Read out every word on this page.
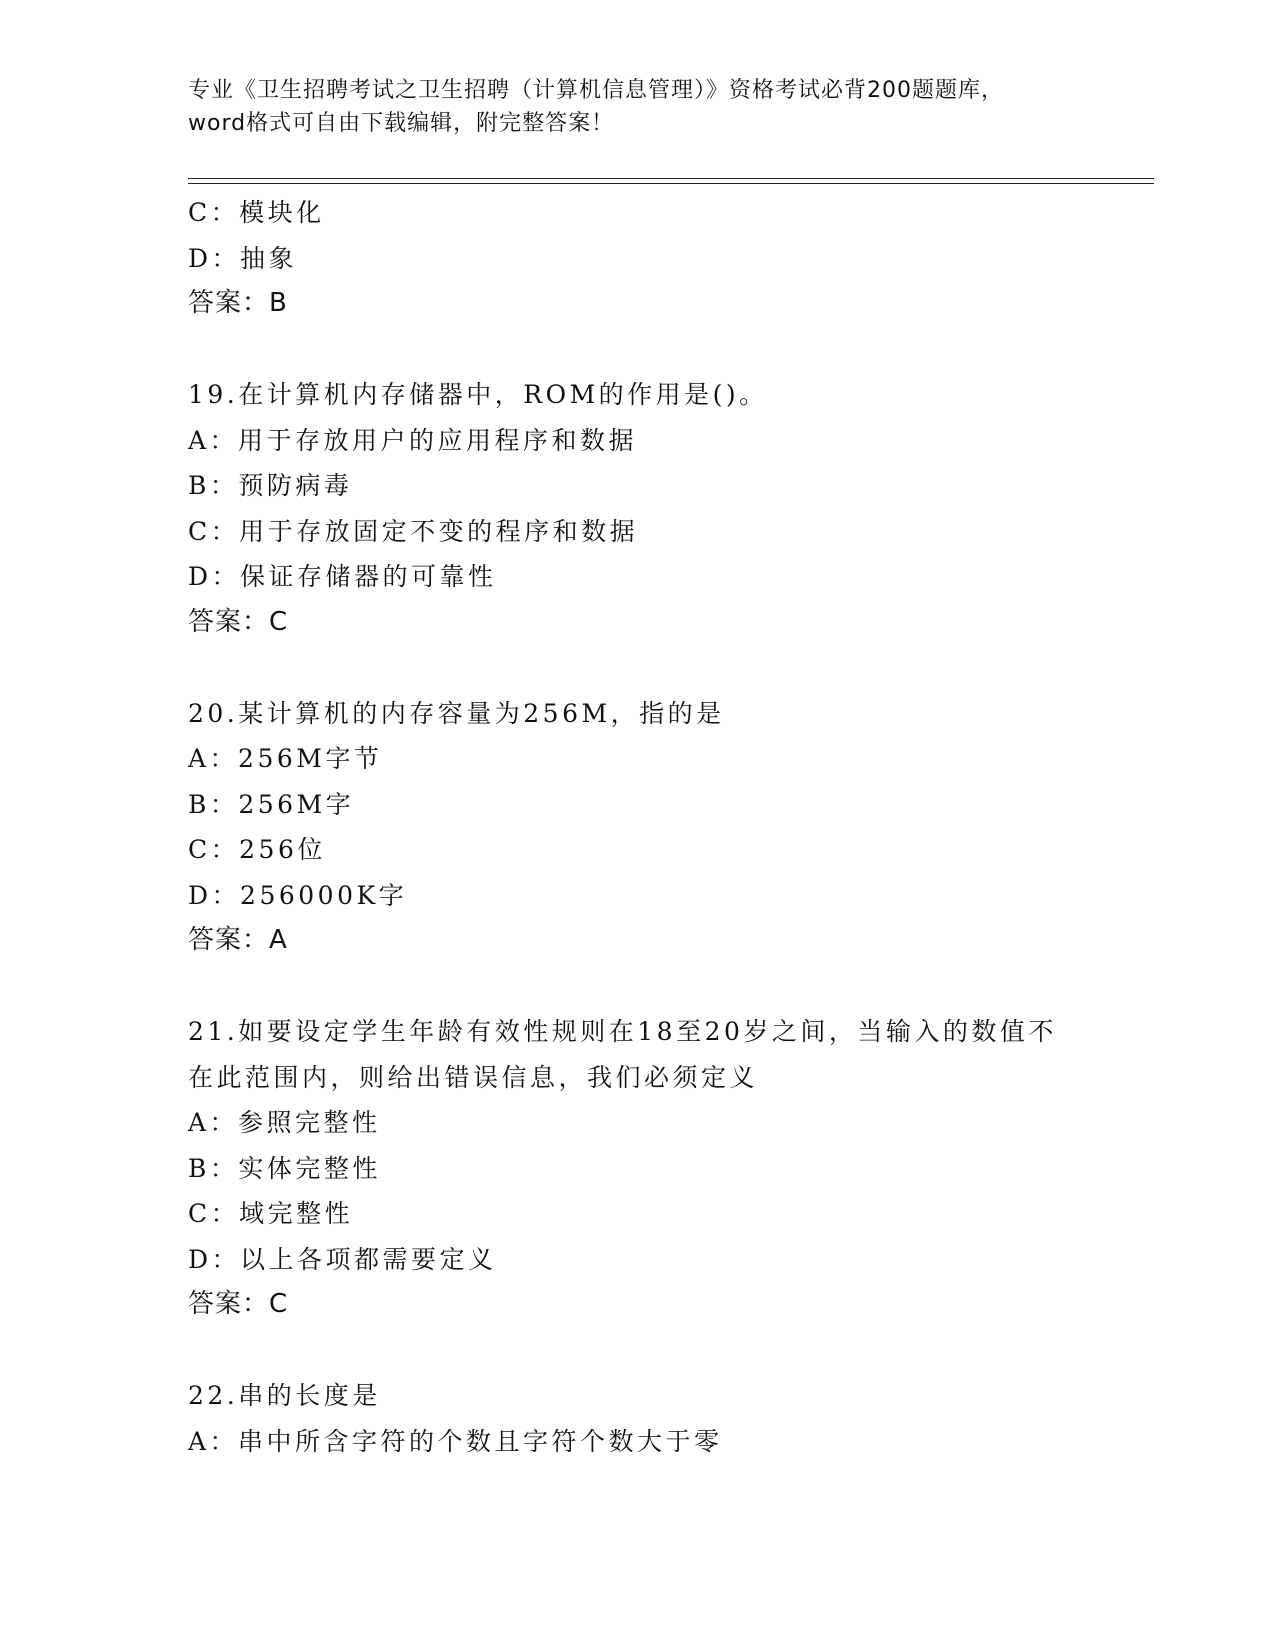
专业《卫生招聘考试之卫生招聘（计算机信息管理）》资格考试必背200题题库，
word格式可自由下载编辑，附完整答案！
C：模块化
D：抽象
答案：B
19.在计算机内存储器中，ROM的作用是()。
A：用于存放用户的应用程序和数据
B：预防病毒
C：用于存放固定不变的程序和数据
D：保证存储器的可靠性
答案：C
20.某计算机的内存容量为256M，指的是
A：256M字节
B：256M字
C：256位
D：256000K字
答案：A
21.如要设定学生年龄有效性规则在18至20岁之间，当输入的数值不
在此范围内，则给出错误信息，我们必须定义
A：参照完整性
B：实体完整性
C：域完整性
D：以上各项都需要定义
答案：C
22.串的长度是
A：串中所含字符的个数且字符个数大于零
